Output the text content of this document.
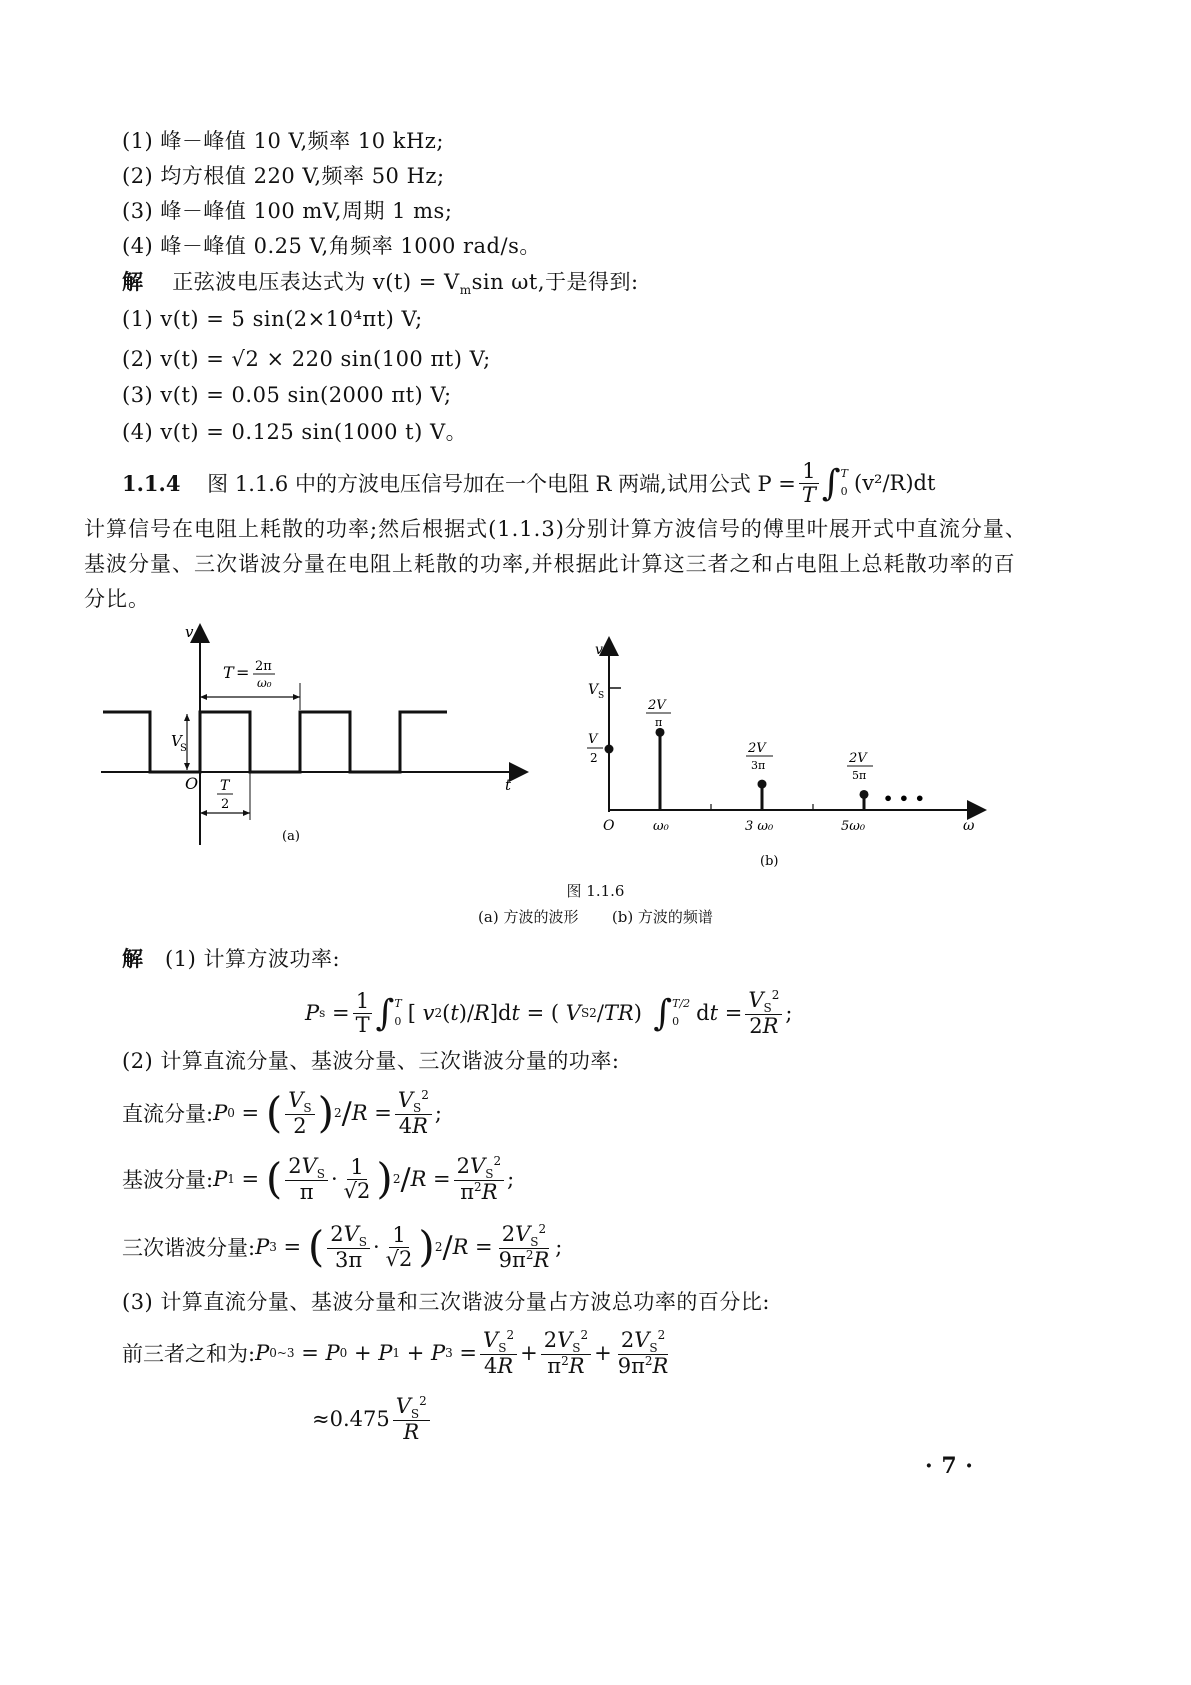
(1) 峰－峰值 10 V,频率 10 kHz;
(2) 均方根值 220 V,频率 50 Hz;
(3) 峰－峰值 100 mV,周期 1 ms;
(4) 峰－峰值 0.25 V,角频率 1000 rad/s。
解 正弦波电压表达式为 $v(t) = V_m\sin$ ωt,于是得到:
(1) v(t) = 5 sin(2×10⁴πt) V;
(2) v(t) = √2 × 220 sin(100 πt) V;
(3) v(t) = 0.05 sin(2000 πt) V;
(4) v(t) = 0.125 sin(1000 t) V。
1.1.4
图 1.1.6 中的方波电压信号加在一个电阻 R 两端,试用公式 $P = \frac{1}{T}$ ∫ T
0 (v²/R)dt
计算信号在电阻上耗散的功率;然后根据式(1.1.3)分别计算方波信号的傅里叶展开式中直流分量、基波分量、三次谐波分量在电阻上耗散的功率,并根据此计算这三者之和占电阻上总耗散功率的百分比。
v
t
O
T = 2π
ω₀
V
S
T
2
(a)
v
V S
V
2
O	ω₀	3 ω₀	5ω₀	ω
2V
π
2V
3π	2V
5π
• • •
(b)
图 1.1.6
(a) 方波的波形 (b) 方波的频谱
解 (1) 计算方波功率:
P $s = \frac{1}{T}$ ∫ T
0 [ v 2 ( t )/ R ]d t = ( V S 2 / TR ) ∫ T/2
0 d $t = \frac{V_S^2}{2R}$ ;
(2) 计算直流分量、基波分量、三次谐波分量的功率:
直流分量: P 0 = ( $\frac{V_S}{2}$ ) $2 / R = \frac{V_S^2}{4R}$ ;
基波分量: P 1 = ( $\frac{2V_S}{\pi} \cdot \frac{1}{√2}$ ) $2 / R = \frac{2V_S^2}{\pi^2R}$ ;
三次谐波分量: P 3 = ( $\frac{2V_S}{3\pi} \cdot \frac{1}{√2}$ ) $2 / R = \frac{2V_S^2}{9\pi^2R}$ ;
(3) 计算直流分量、基波分量和三次谐波分量占方波总功率的百分比:
前三者之和为: P 0~3 = P 0 + P 1 + P $3 = \frac{V_S^2}{4R} + \frac{2V_S^2}{\pi^2R} + \frac{2V_S^2}{9\pi^2R}$
$\approx 0.475 \frac{V_S^2}{R}$
· 7 ·
